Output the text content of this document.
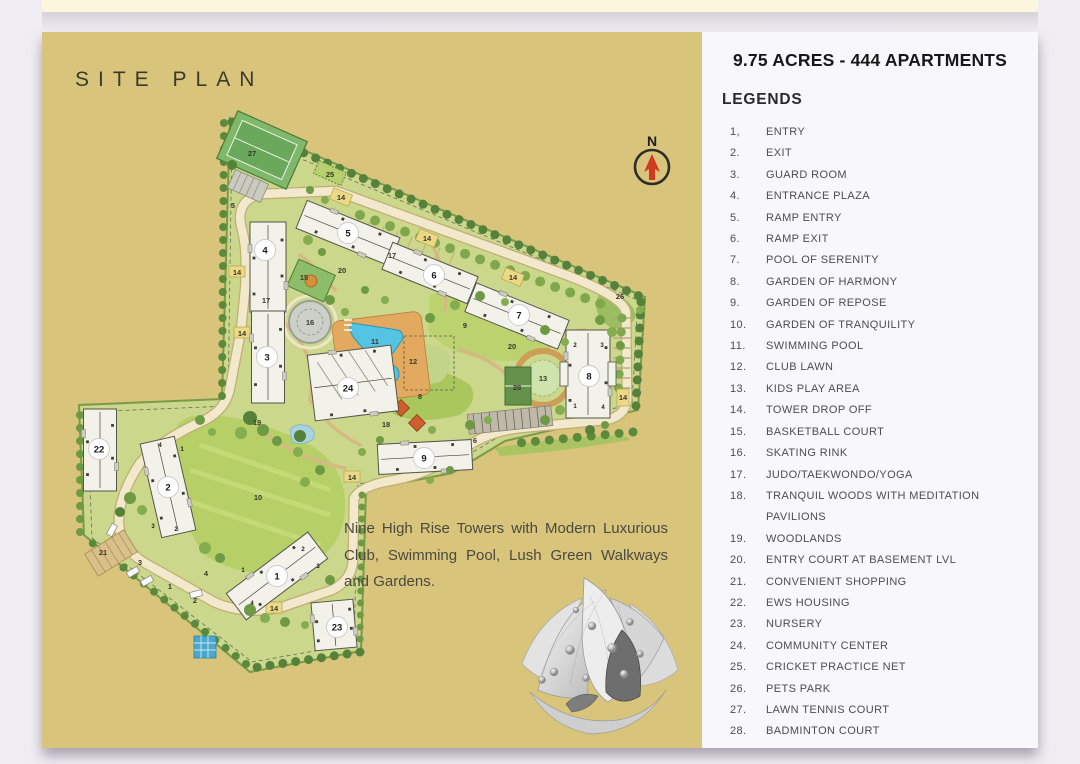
SITE PLAN
27
25
5
14
14
14
14
14
14
14
14
17
17
15
16
11
12
20
20
9
8
10
13
28
26
19
21
18
6
4
3
1
2
2	3
1	4
4
1
3	2
1
2
3
4
1
2
3
4
5
6
7
8
9
22
23
24
N
Nine High Rise Towers with Modern Luxurious Club, Swimming Pool, Lush Green Walkways and Gardens.
9.75 ACRES - 444 APARTMENTS
LEGENDS
1,	ENTRY
2.	EXIT
3.	GUARD ROOM
4.	ENTRANCE PLAZA
5.	RAMP ENTRY
6.	RAMP EXIT
7.	POOL OF SERENITY
8.	GARDEN OF HARMONY
9.	GARDEN OF REPOSE
10.	GARDEN OF TRANQUILITY
11.	SWIMMING POOL
12.	CLUB LAWN
13.	KIDS PLAY AREA
14.	TOWER DROP OFF
15.	BASKETBALL COURT
16.	SKATING RINK
17.	JUDO/TAEKWONDO/YOGA
18.	TRANQUIL WOODS WITH MEDITATION PAVILIONS
19.	WOODLANDS
20.	ENTRY COURT AT BASEMENT LVL
21.	CONVENIENT SHOPPING
22.	EWS HOUSING
23.	NURSERY
24.	COMMUNITY CENTER
25.	CRICKET PRACTICE NET
26.	PETS PARK
27.	LAWN TENNIS COURT
28.	BADMINTON COURT
